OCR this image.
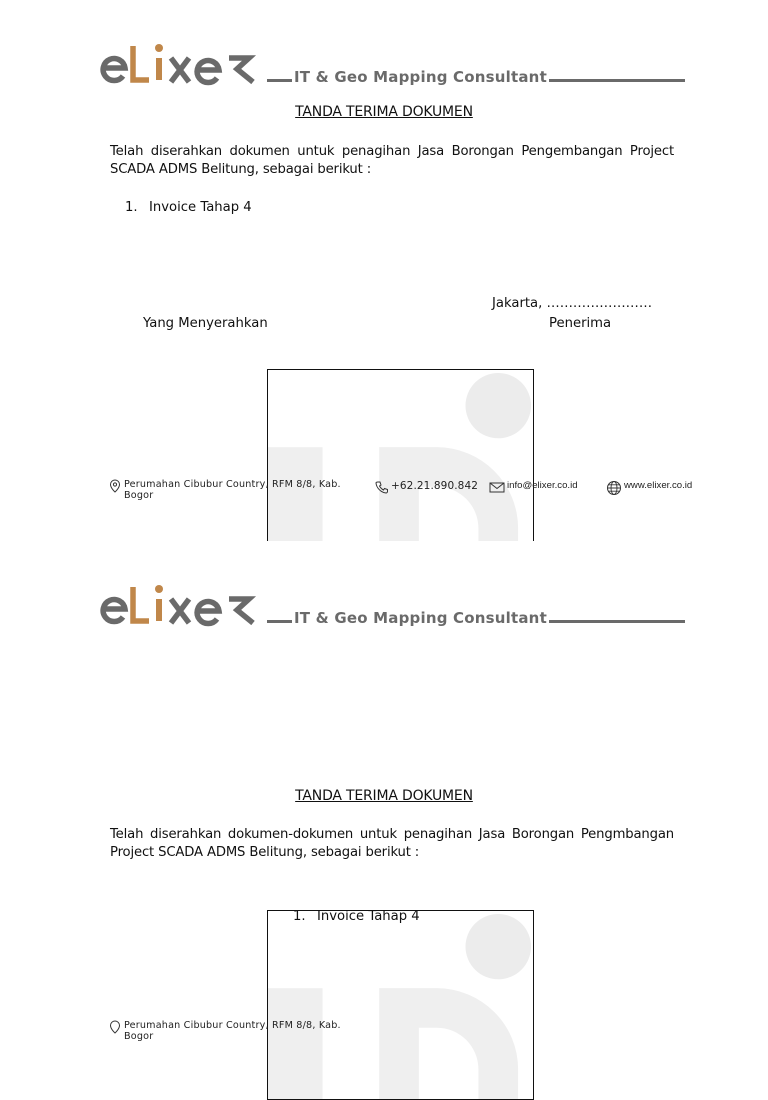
IT & Geo Mapping Consultant
TANDA TERIMA DOKUMEN
Telah diserahkan dokumen untuk penagihan Jasa Borongan Pengembangan Project SCADA ADMS Belitung, sebagai berikut :
1. Invoice Tahap 4
Jakarta, ……………………
Yang Menyerahkan	Penerima
Perumahan Cibubur Country, RFM 8/8, Kab. Bogor
+62.21.890.842	info@elixer.co.id	www.elixer.co.id
IT & Geo Mapping Consultant
TANDA TERIMA DOKUMEN
Telah diserahkan dokumen-dokumen untuk penagihan Jasa Borongan Pengmbangan Project SCADA ADMS Belitung, sebagai berikut :
1. Invoice Tahap 4
Perumahan Cibubur Country, RFM 8/8, Kab. Bogor
